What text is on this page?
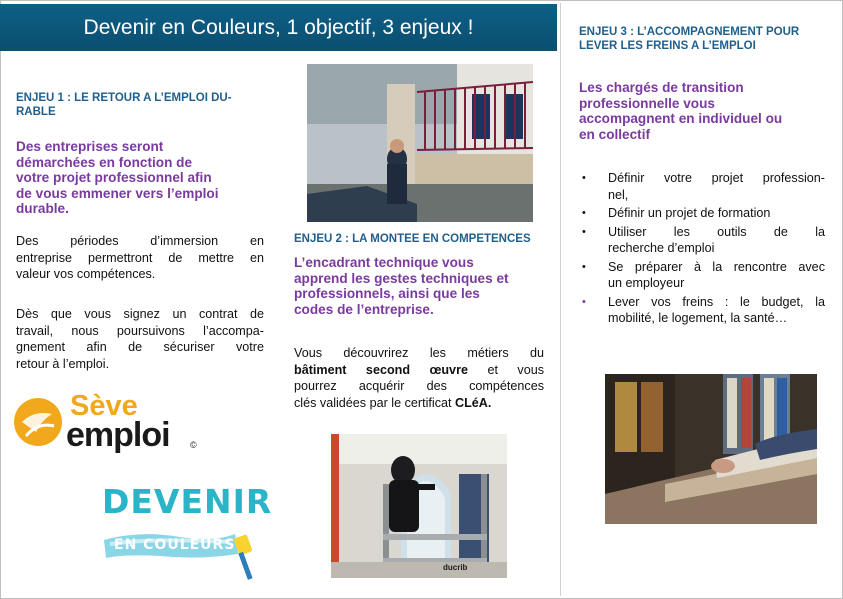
Devenir en Couleurs, 1 objectif, 3 enjeux !
ENJEU 1 : LE RETOUR A L’EMPLOI DU-
RABLE
Des entreprises seront
démarchées en fonction de
votre projet professionnel afin
de vous emmener vers l’emploi
durable.
Des périodes d’immersion en
entreprise permettront de mettre en
valeur vos compétences.
Dès que vous signez un contrat de
travail, nous poursuivons l’accompa-
gnement afin de sécuriser votre
retour à l’emploi.
Sève
emploi ©
DEVENIR
EN COULEURS
ENJEU 2 : LA MONTEE EN COMPETENCES
L’encadrant technique vous
apprend les gestes techniques et
professionnels, ainsi que les
codes de l’entreprise.
Vous découvrirez les métiers du
bâtiment second œuvre et vous
pourrez acquérir des compétences
clés validées par le certificat CLéA.
ducrib
ENJEU 3 : L’ACCOMPAGNEMENT POUR
LEVER LES FREINS A L’EMPLOI
Les chargés de transition
professionnelle vous
accompagnent en individuel ou
en collectif
• Définir votre projet profession-
nel,
• Définir un projet de formation
• Utiliser les outils de la
recherche d’emploi
• Se préparer à la rencontre avec
un employeur
• Lever vos freins : le budget, la
mobilité, le logement, la santé…
